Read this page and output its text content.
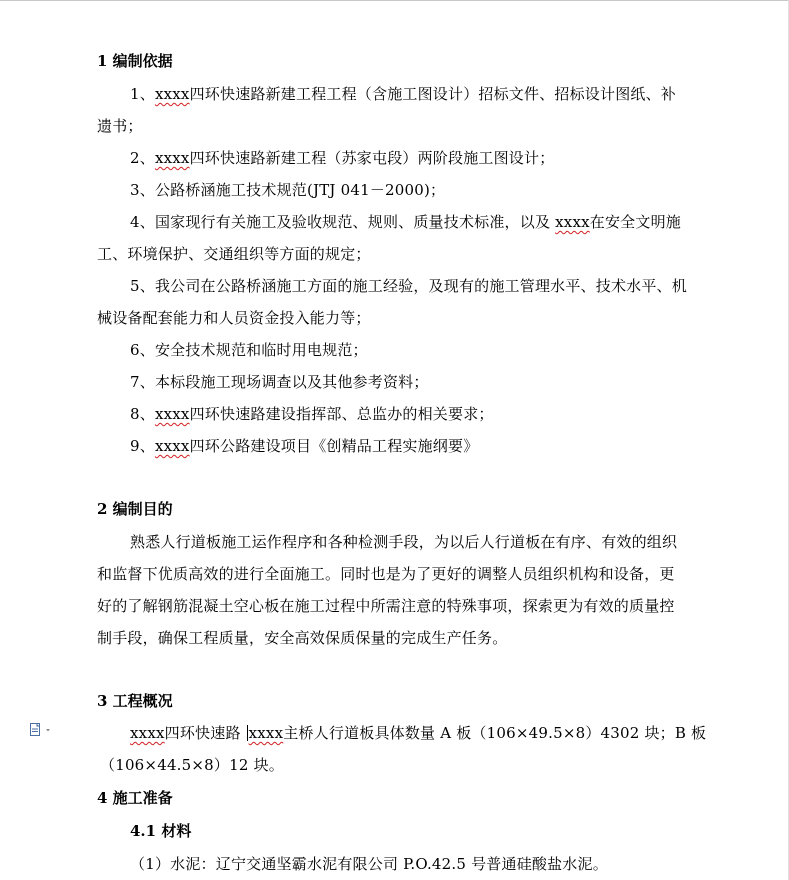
1 编制依据
1、xxxx四环快速路新建工程工程（含施工图设计）招标文件、招标设计图纸、补
遗书；
2、xxxx四环快速路新建工程（苏家屯段）两阶段施工图设计；
3、公路桥涵施工技术规范(JTJ 041－2000)；
4、国家现行有关施工及验收规范、规则、质量技术标准，以及 xxxx在安全文明施
工、环境保护、交通组织等方面的规定；
5、我公司在公路桥涵施工方面的施工经验，及现有的施工管理水平、技术水平、机
械设备配套能力和人员资金投入能力等；
6、安全技术规范和临时用电规范；
7、本标段施工现场调查以及其他参考资料；
8、xxxx四环快速路建设指挥部、总监办的相关要求；
9、xxxx四环公路建设项目《创精品工程实施纲要》
2 编制目的
熟悉人行道板施工运作程序和各种检测手段，为以后人行道板在有序、有效的组织
和监督下优质高效的进行全面施工。同时也是为了更好的调整人员组织机构和设备，更
好的了解钢筋混凝土空心板在施工过程中所需注意的特殊事项，探索更为有效的质量控
制手段，确保工程质量，安全高效保质保量的完成生产任务。
3 工程概况
xxxx四环快速路 xxxx主桥人行道板具体数量 A 板（106×49.5×8）4302 块；B 板
（106×44.5×8）12 块。
4 施工准备
4.1 材料
（1）水泥：辽宁交通坚霸水泥有限公司 P.O.42.5 号普通硅酸盐水泥。
